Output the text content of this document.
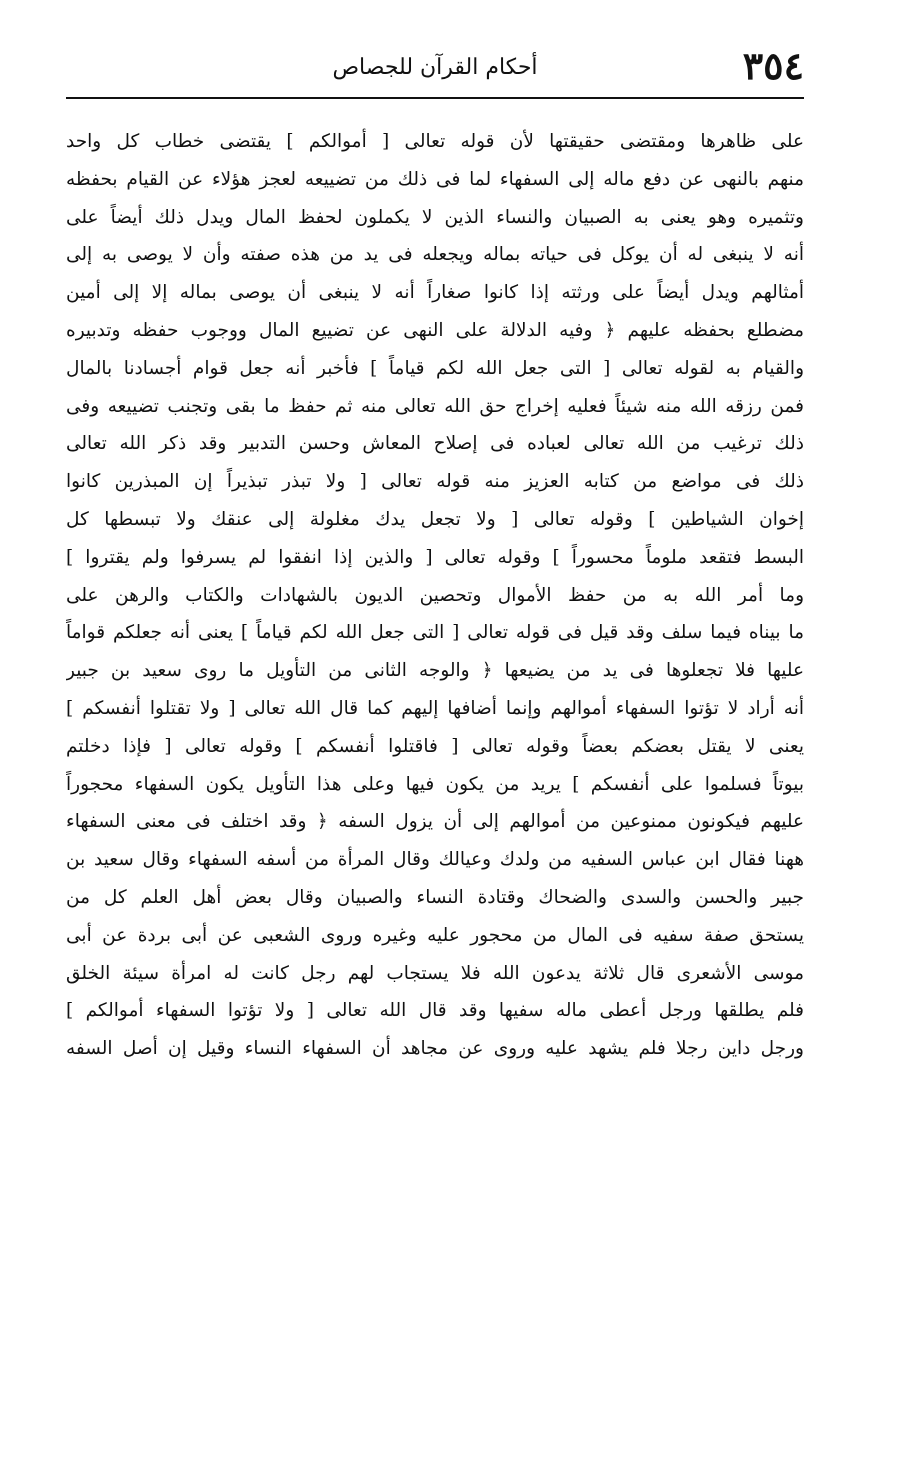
٣٥٤
أحكام القرآن للجصاص
على ظاهرها ومقتضى حقيقتها لأن قوله تعالى [ أموالكم ] يقتضى خطاب كل واحد
منهم بالنهى عن دفع ماله إلى السفهاء لما فى ذلك من تضييعه لعجز هؤلاء عن القيام بحفظه
وتثميره وهو يعنى به الصبيان والنساء الذين لا يكملون لحفظ المال ويدل ذلك أيضاً على
أنه لا ينبغى له أن يوكل فى حياته بماله ويجعله فى يد من هذه صفته وأن لا يوصى به إلى
أمثالهم ويدل أيضاً على ورثته إذا كانوا صغاراً أنه لا ينبغى أن يوصى بماله إلا إلى أمين
مضطلع بحفظه عليهم ﴿ وفيه الدلالة على النهى عن تضييع المال ووجوب حفظه وتدبيره
والقيام به لقوله تعالى [ التى جعل الله لكم قياماً ] فأخبر أنه جعل قوام أجسادنا بالمال
فمن رزقه الله منه شيئاً فعليه إخراج حق الله تعالى منه ثم حفظ ما بقى وتجنب تضييعه وفى
ذلك ترغيب من الله تعالى لعباده فى إصلاح المعاش وحسن التدبير وقد ذكر الله تعالى
ذلك فى مواضع من كتابه العزيز منه قوله تعالى [ ولا تبذر تبذيراً إن المبذرين كانوا
إخوان الشياطين ] وقوله تعالى [ ولا تجعل يدك مغلولة إلى عنقك ولا تبسطها كل
البسط فتقعد ملوماً محسوراً ] وقوله تعالى [ والذين إذا انفقوا لم يسرفوا ولم يقتروا ]
وما أمر الله به من حفظ الأموال وتحصين الديون بالشهادات والكتاب والرهن على
ما بيناه فيما سلف وقد قيل فى قوله تعالى [ التى جعل الله لكم قياماً ] يعنى أنه جعلكم قواماً
عليها فلا تجعلوها فى يد من يضيعها ﴿ والوجه الثانى من التأويل ما روى سعيد بن جبير
أنه أراد لا تؤتوا السفهاء أموالهم وإنما أضافها إليهم كما قال الله تعالى [ ولا تقتلوا أنفسكم ]
يعنى لا يقتل بعضكم بعضاً وقوله تعالى [ فاقتلوا أنفسكم ] وقوله تعالى [ فإذا دخلتم
بيوتاً فسلموا على أنفسكم ] يريد من يكون فيها وعلى هذا التأويل يكون السفهاء محجوراً
عليهم فيكونون ممنوعين من أموالهم إلى أن يزول السفه ﴿ وقد اختلف فى معنى السفهاء
ههنا فقال ابن عباس السفيه من ولدك وعيالك وقال المرأة من أسفه السفهاء وقال سعيد بن
جبير والحسن والسدى والضحاك وقتادة النساء والصبيان وقال بعض أهل العلم كل من
يستحق صفة سفيه فى المال من محجور عليه وغيره وروى الشعبى عن أبى بردة عن أبى
موسى الأشعرى قال ثلاثة يدعون الله فلا يستجاب لهم رجل كانت له امرأة سيئة الخلق
فلم يطلقها ورجل أعطى ماله سفيها وقد قال الله تعالى [ ولا تؤتوا السفهاء أموالكم ]
ورجل داين رجلا فلم يشهد عليه وروى عن مجاهد أن السفهاء النساء وقيل إن أصل السفه
